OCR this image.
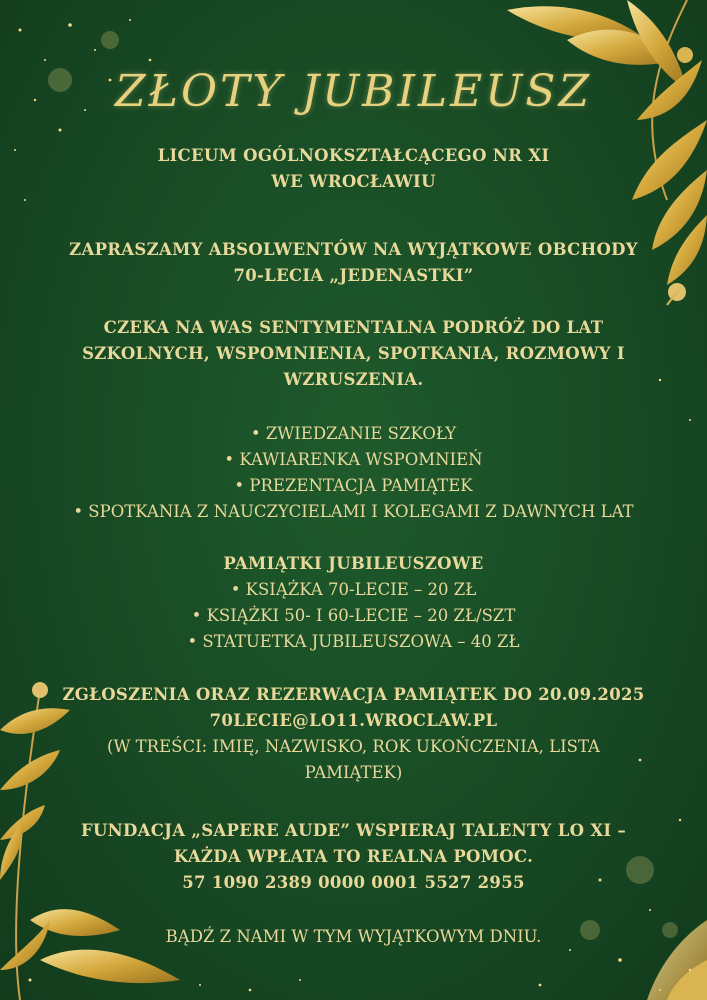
ZŁOTY JUBILEUSZ
LICEUM OGÓLNOKSZTAŁCĄCEGO NR XI
WE WROCŁAWIU
ZAPRASZAMY ABSOLWENTÓW NA WYJĄTKOWE OBCHODY
70-LECIA „JEDENASTKI”
CZEKA NA WAS SENTYMENTALNA PODRÓŻ DO LAT
SZKOLNYCH, WSPOMNIENIA, SPOTKANIA, ROZMOWY I
WZRUSZENIA.
• ZWIEDZANIE SZKOŁY
• KAWIARENKA WSPOMNIEŃ
• PREZENTACJA PAMIĄTEK
• SPOTKANIA Z NAUCZYCIELAMI I KOLEGAMI Z DAWNYCH LAT
PAMIĄTKI JUBILEUSZOWE
• KSIĄŻKA 70-LECIE – 20 ZŁ
• KSIĄŻKI 50- I 60-LECIE – 20 ZŁ/SZT
• STATUETKA JUBILEUSZOWA – 40 ZŁ
ZGŁOSZENIA ORAZ REZERWACJA PAMIĄTEK DO 20.09.2025
70LECIE@LO11.WROCLAW.PL
(W TREŚCI: IMIĘ, NAZWISKO, ROK UKOŃCZENIA, LISTA
PAMIĄTEK)
FUNDACJA „SAPERE AUDE” WSPIERAJ TALENTY LO XI –
KAŻDA WPŁATA TO REALNA POMOC.
57 1090 2389 0000 0001 5527 2955
BĄDŹ Z NAMI W TYM WYJĄTKOWYM DNIU.
